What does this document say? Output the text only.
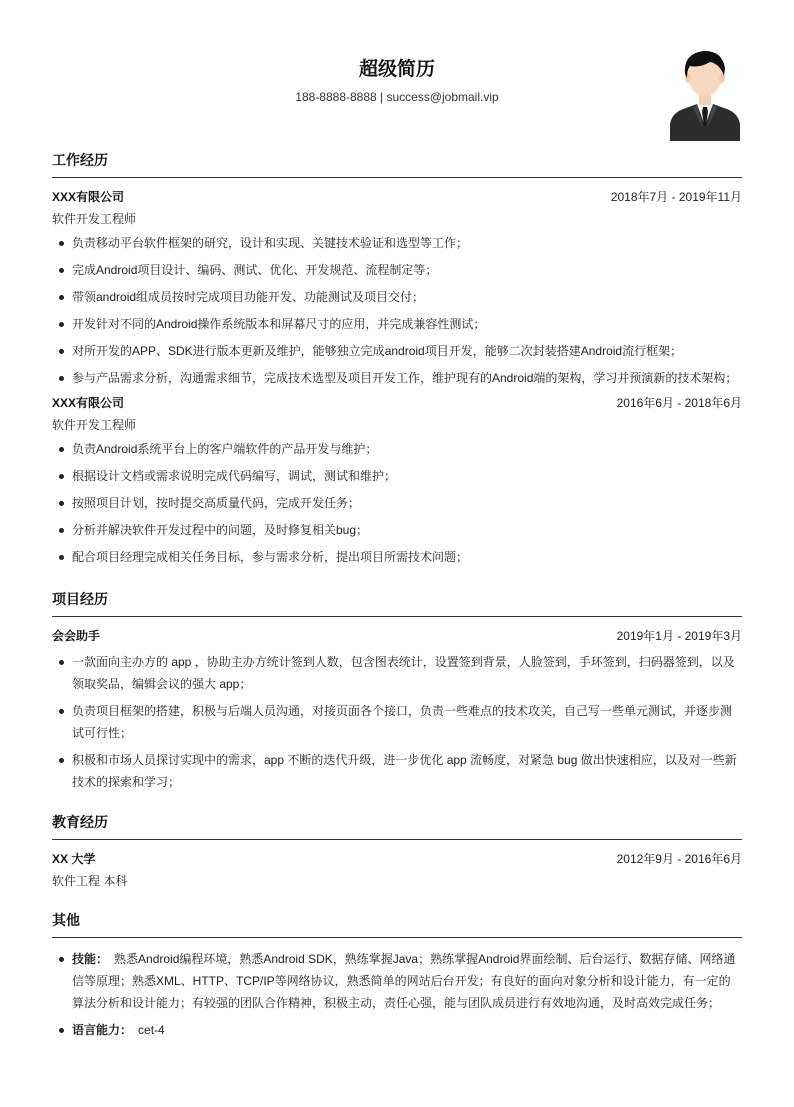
超级简历
188-8888-8888 | success@jobmail.vip
工作经历
XXX有限公司	2018年7月 - 2019年11月
软件开发工程师
负责移动平台软件框架的研究，设计和实现、关键技术验证和选型等工作；
完成Android项目设计、编码、测试、优化、开发规范、流程制定等；
带领android组成员按时完成项目功能开发、功能测试及项目交付；
开发针对不同的Android操作系统版本和屏幕尺寸的应用，并完成兼容性测试；
对所开发的APP、SDK进行版本更新及维护，能够独立完成android项目开发，能够二次封装搭建Android流行框架；
参与产品需求分析，沟通需求细节，完成技术选型及项目开发工作，维护现有的Android端的架构，学习并预演新的技术架构；
XXX有限公司	2016年6月 - 2018年6月
软件开发工程师
负责Android系统平台上的客户端软件的产品开发与维护；
根据设计文档或需求说明完成代码编写，调试，测试和维护；
按照项目计划，按时提交高质量代码，完成开发任务；
分析并解决软件开发过程中的问题，及时修复相关bug；
配合项目经理完成相关任务目标，参与需求分析，提出项目所需技术问题；
项目经历
会会助手	2019年1月 - 2019年3月
一款面向主办方的 app ，协助主办方统计签到人数，包含图表统计，设置签到背景，人脸签到，手环签到，扫码器签到，以及领取奖品，编辑会议的强大 app；
负责项目框架的搭建，积极与后端人员沟通，对接页面各个接口，负责一些难点的技术攻关，自己写一些单元测试，并逐步测试可行性；
积极和市场人员探讨实现中的需求，app 不断的迭代升级，进一步优化 app 流畅度，对紧急 bug 做出快速相应，以及对一些新技术的探索和学习；
教育经历
XX 大学	2012年9月 - 2016年6月
软件工程 本科
其他
技能： 熟悉Android编程环境，熟悉Android SDK，熟练掌握Java；熟练掌握Android界面绘制、后台运行、数据存储、网络通信等原理；熟悉XML、HTTP、TCP/IP等网络协议，熟悉简单的网站后台开发；有良好的面向对象分析和设计能力，有一定的算法分析和设计能力；有较强的团队合作精神，积极主动，责任心强，能与团队成员进行有效地沟通，及时高效完成任务；
语言能力： cet-4
